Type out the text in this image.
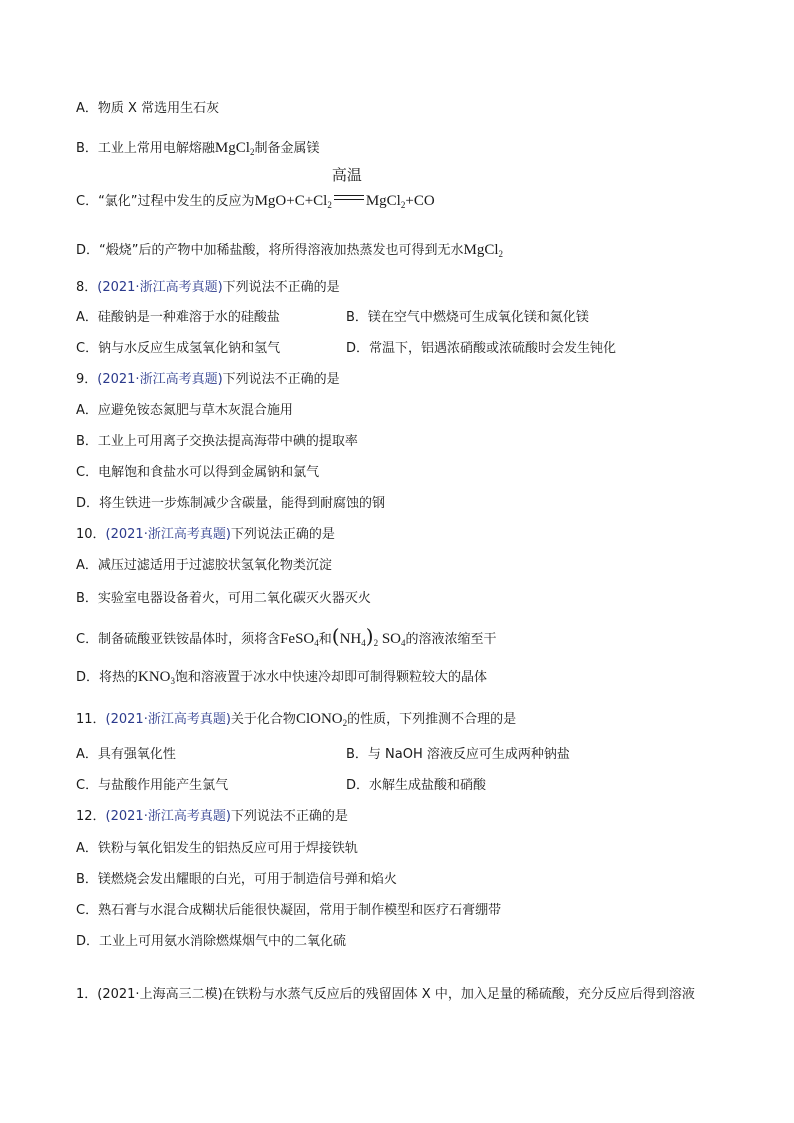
A．物质 X 常选用生石灰
B．工业上常用电解熔融MgCl$_2$制备金属镁
C．“氯化”过程中发生的反应为$MgO+C+Cl_2$
高温
MgCl$_2$+CO
D．“煅烧”后的产物中加稀盐酸，将所得溶液加热蒸发也可得到无水MgCl$_2$
8．(2021·浙江高考真题)下列说法不正确的是
A．硅酸钠是一种难溶于水的硅酸盐	B．镁在空气中燃烧可生成氧化镁和氮化镁
C．钠与水反应生成氢氧化钠和氢气	D．常温下，铝遇浓硝酸或浓硫酸时会发生钝化
9．(2021·浙江高考真题)下列说法不正确的是
A．应避免铵态氮肥与草木灰混合施用
B．工业上可用离子交换法提高海带中碘的提取率
C．电解饱和食盐水可以得到金属钠和氯气
D．将生铁进一步炼制减少含碳量，能得到耐腐蚀的钢
10．(2021·浙江高考真题)下列说法正确的是
A．减压过滤适用于过滤胶状氢氧化物类沉淀
B．实验室电器设备着火，可用二氧化碳灭火器灭火
C．制备硫酸亚铁铵晶体时，须将含FeSO$_4$和$(NH_4)_2$ $SO_4$的溶液浓缩至干
D．将热的$KNO_3$饱和溶液置于冰水中快速冷却即可制得颗粒较大的晶体
11．(2021·浙江高考真题)关于化合物ClONO$_2$的性质，下列推测不合理的是
A．具有强氧化性	B．与 NaOH 溶液反应可生成两种钠盐
C．与盐酸作用能产生氯气	D．水解生成盐酸和硝酸
12．(2021·浙江高考真题)下列说法不正确的是
A．铁粉与氧化铝发生的铝热反应可用于焊接铁轨
B．镁燃烧会发出耀眼的白光，可用于制造信号弹和焰火
C．熟石膏与水混合成糊状后能很快凝固，常用于制作模型和医疗石膏绷带
D．工业上可用氨水消除燃煤烟气中的二氧化硫
1．(2021·上海高三二模)在铁粉与水蒸气反应后的残留固体 X 中，加入足量的稀硫酸，充分反应后得到溶液
